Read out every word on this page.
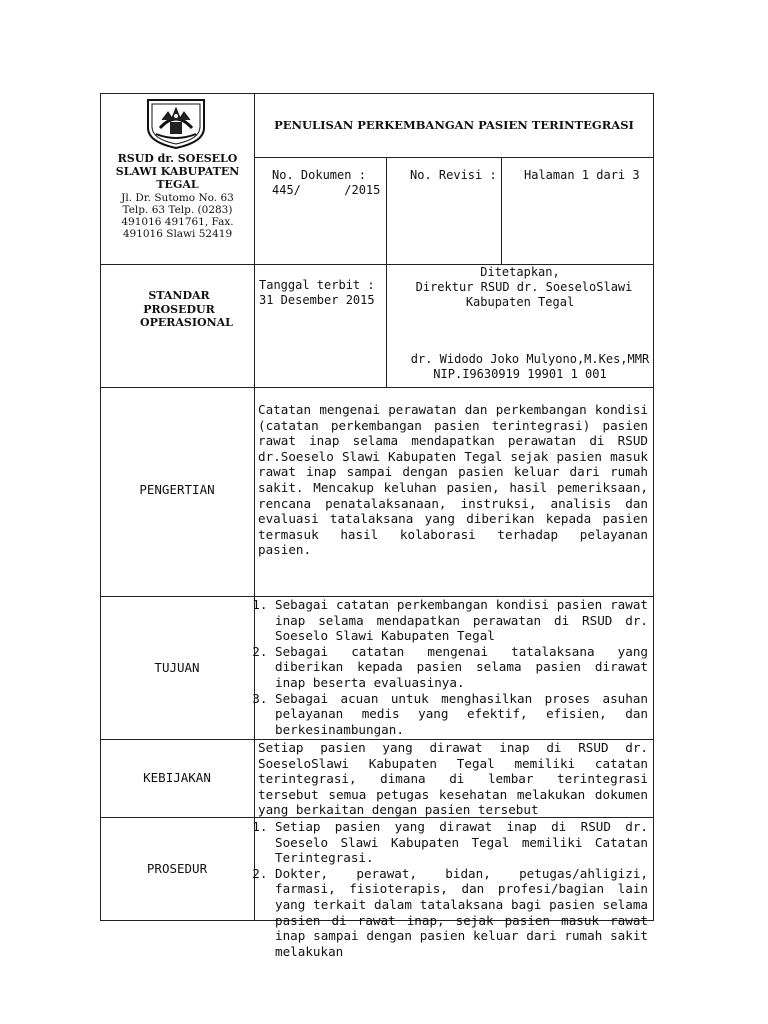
RSUD dr. SOESELO SLAWI KABUPATEN TEGAL
Jl. Dr. Sutomo No. 63 Telp. 63 Telp. (0283) 491016 491761, Fax. 491016 Slawi 52419
PENULISAN PERKEMBANGAN PASIEN TERINTEGRASI
No. Dokumen :
445/      /2015
No. Revisi : Halaman 1 dari 3
STANDAR PROSEDUR OPERASIONAL
Tanggal terbit :
31 Desember 2015
Ditetapkan,
Direktur RSUD dr. SoeseloSlawi
Kabupaten Tegal
dr. Widodo Joko Mulyono,M.Kes,MMR
NIP.I9630919 19901 1 001
PENGERTIAN
Catatan mengenai perawatan dan perkembangan kondisi (catatan perkembangan pasien terintegrasi) pasien rawat inap selama mendapatkan perawatan di RSUD dr.Soeselo Slawi Kabupaten Tegal sejak pasien masuk rawat inap sampai dengan pasien keluar dari rumah sakit. Mencakup keluhan pasien, hasil pemeriksaan, rencana penatalaksanaan, instruksi, analisis dan evaluasi tatalaksana yang diberikan kepada pasien termasuk hasil kolaborasi terhadap pelayanan pasien.
TUJUAN
1. Sebagai catatan perkembangan kondisi pasien rawat inap selama mendapatkan perawatan di RSUD dr. Soeselo Slawi Kabupaten Tegal
2. Sebagai catatan mengenai tatalaksana yang diberikan kepada pasien selama pasien dirawat inap beserta evaluasinya.
3. Sebagai acuan untuk menghasilkan proses asuhan pelayanan medis yang efektif, efisien, dan berkesinambungan.
KEBIJAKAN
Setiap pasien yang dirawat inap di RSUD dr. SoeseloSlawi Kabupaten Tegal memiliki catatan terintegrasi, dimana di lembar terintegrasi tersebut semua petugas kesehatan melakukan dokumen yang berkaitan dengan pasien tersebut
PROSEDUR
1. Setiap pasien yang dirawat inap di RSUD dr. Soeselo Slawi Kabupaten Tegal memiliki Catatan Terintegrasi.
2. Dokter, perawat, bidan, petugas/ahligizi, farmasi, fisioterapis, dan profesi/bagian lain yang terkait dalam tatalaksana bagi pasien selama pasien di rawat inap, sejak pasien masuk rawat inap sampai dengan pasien keluar dari rumah sakit melakukan
